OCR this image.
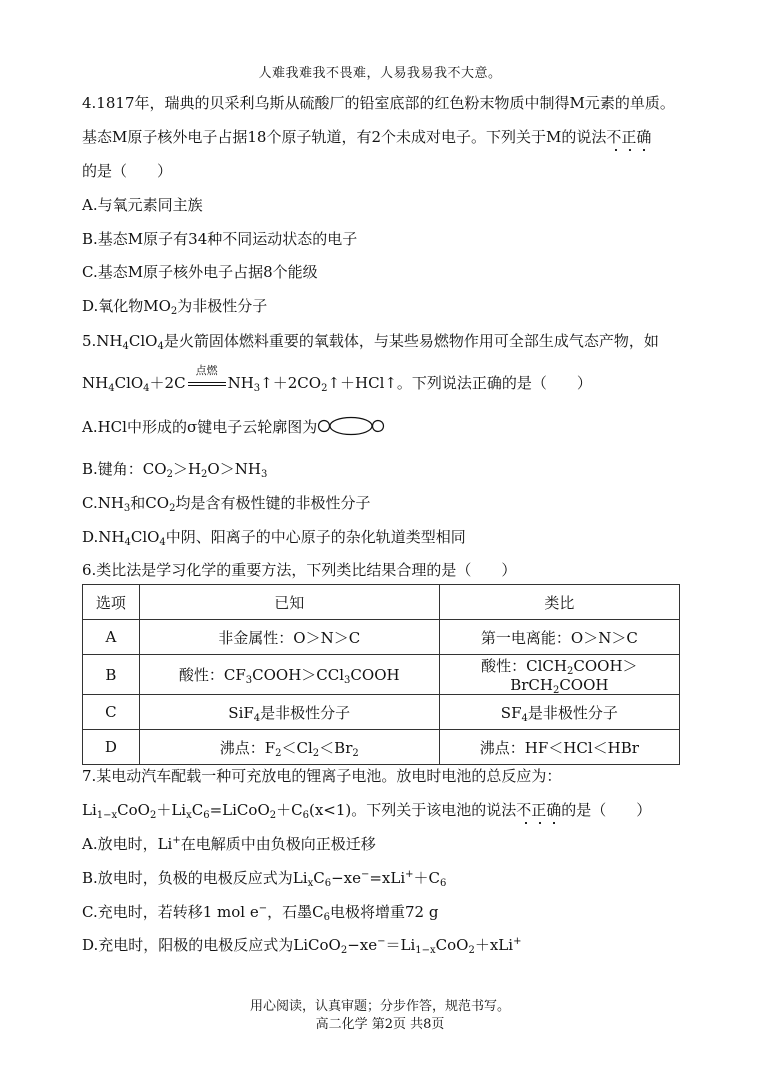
人难我难我不畏难，人易我易我不大意。
4.1817年，瑞典的贝采利乌斯从硫酸厂的铅室底部的红色粉末物质中制得M元素的单质。
基态M原子核外电子占据18个原子轨道，有2个未成对电子。下列关于M的说法不正确
的是（　　）
A.与氧元素同主族
B.基态M原子有34种不同运动状态的电子
C.基态M原子核外电子占据8个能级
D.氧化物$MO_2$为非极性分子
$5.NH_4ClO_4$是火箭固体燃料重要的氧载体，与某些易燃物作用可全部生成气态产物，如
$NH_4ClO_4+2C$
点燃
$NH_3↑+2CO_2↑+HCl↑$。下列说法正确的是（　　）
A.HCl中形成的σ键电子云轮廓图为
B.键角：$CO_2>H_2O>NH_3$
$C.NH_3$和$CO_2$均是含有极性键的非极性分子
$D.NH_4ClO_4$中阴、阳离子的中心原子的杂化轨道类型相同
6.类比法是学习化学的重要方法，下列类比结果合理的是（　　）
选项	已知	类比
A	非金属性：O＞N＞C	第一电离能：O＞N＞C
B	酸性：$CF_3COOH>CCl_3COOH$	酸性：ClCH$_2$COOH＞BrCH$_2$COOH
C	SiF$_4$是非极性分子	$SF_4$是非极性分子
D	沸点：$F_2<Cl_2<Br_2$	沸点：HF＜HCl＜HBr
7.某电动汽车配载一种可充放电的锂离子电池。放电时电池的总反应为：
$Li_{1-x}CoO_2+Li_xC_6=LiCoO_2+C_6(x<1)$。下列关于该电池的说法不正确的是（　　）
A.放电时，Li+在电解质中由负极向正极迁移
B.放电时，负极的电极反应式为$Li_xC_6-xe^-=xLi^++C_6$
C.充电时，若转移1 mol e−，石墨$C_6$电极将增重72 g
D.充电时，阳极的电极反应式为$LiCoO_2-xe^-=Li_{1-x}CoO_2+xLi^+$
用心阅读，认真审题；分步作答，规范书写。
高二化学 第2页 共8页
